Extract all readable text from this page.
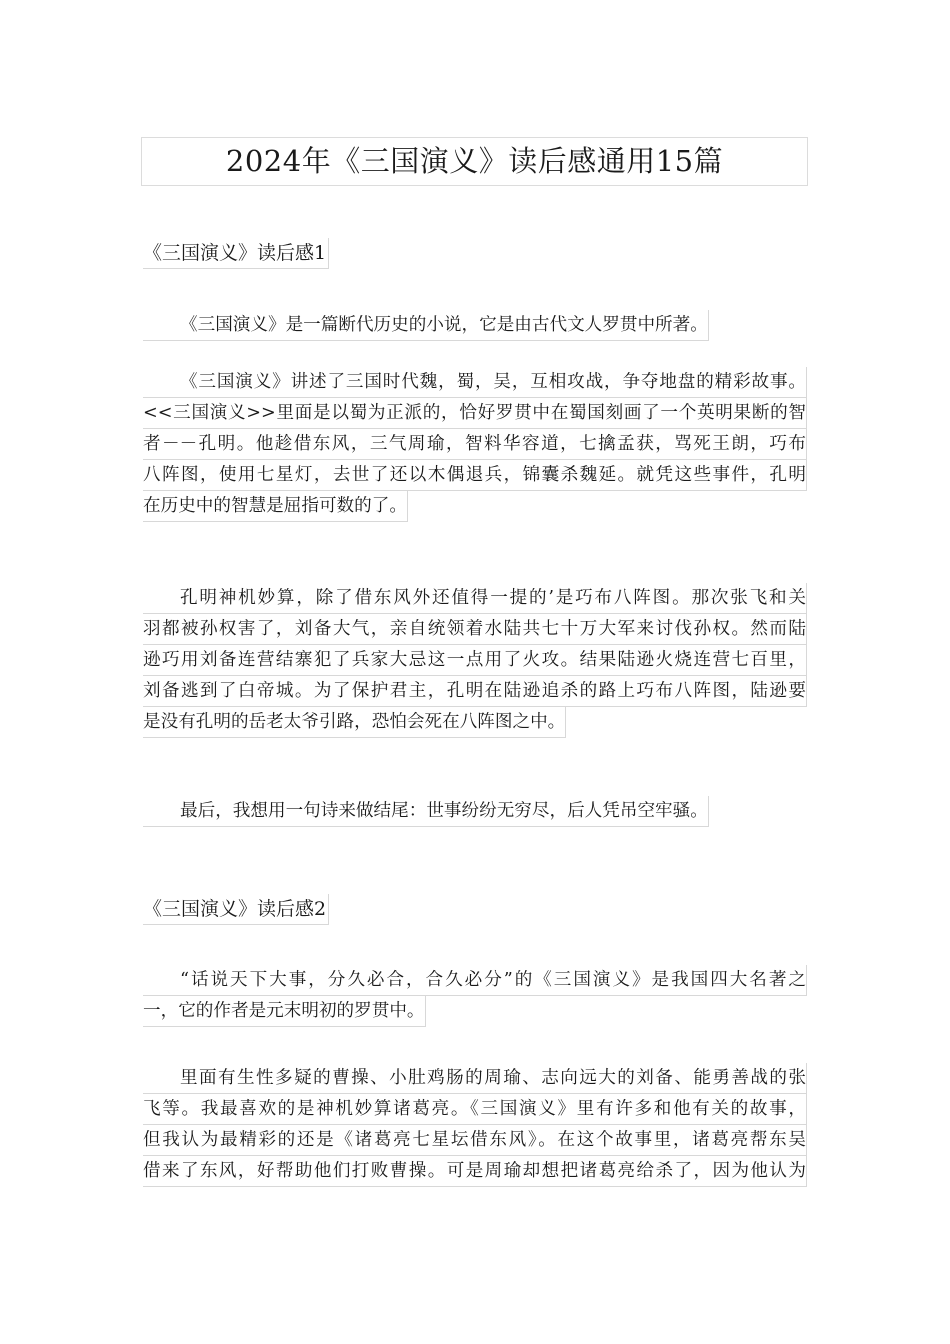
2024年《三国演义》读后感通用15篇
《三国演义》读后感1
《三国演义》是一篇断代历史的小说，它是由古代文人罗贯中所著。
《三国演义》讲述了三国时代魏，蜀，吴，互相攻战，争夺地盘的精彩故事。
<<三国演义>>里面是以蜀为正派的，恰好罗贯中在蜀国刻画了一个英明果断的智
者－－孔明。他趁借东风，三气周瑜，智料华容道，七擒孟获，骂死王朗，巧布
八阵图，使用七星灯，去世了还以木偶退兵，锦囊杀魏延。就凭这些事件，孔明
在历史中的智慧是屈指可数的了。
孔明神机妙算，除了借东风外还值得一提的’是巧布八阵图。那次张飞和关
羽都被孙权害了，刘备大气，亲自统领着水陆共七十万大军来讨伐孙权。然而陆
逊巧用刘备连营结寨犯了兵家大忌这一点用了火攻。结果陆逊火烧连营七百里，
刘备逃到了白帝城。为了保护君主，孔明在陆逊追杀的路上巧布八阵图，陆逊要
是没有孔明的岳老太爷引路，恐怕会死在八阵图之中。
最后，我想用一句诗来做结尾：世事纷纷无穷尽，后人凭吊空牢骚。
《三国演义》读后感2
“话说天下大事，分久必合，合久必分”的《三国演义》是我国四大名著之
一，它的作者是元末明初的罗贯中。
里面有生性多疑的曹操、小肚鸡肠的周瑜、志向远大的刘备、能勇善战的张
飞等。我最喜欢的是神机妙算诸葛亮。《三国演义》里有许多和他有关的故事，
但我认为最精彩的还是《诸葛亮七星坛借东风》。在这个故事里，诸葛亮帮东吴
借来了东风，好帮助他们打败曹操。可是周瑜却想把诸葛亮给杀了，因为他认为
